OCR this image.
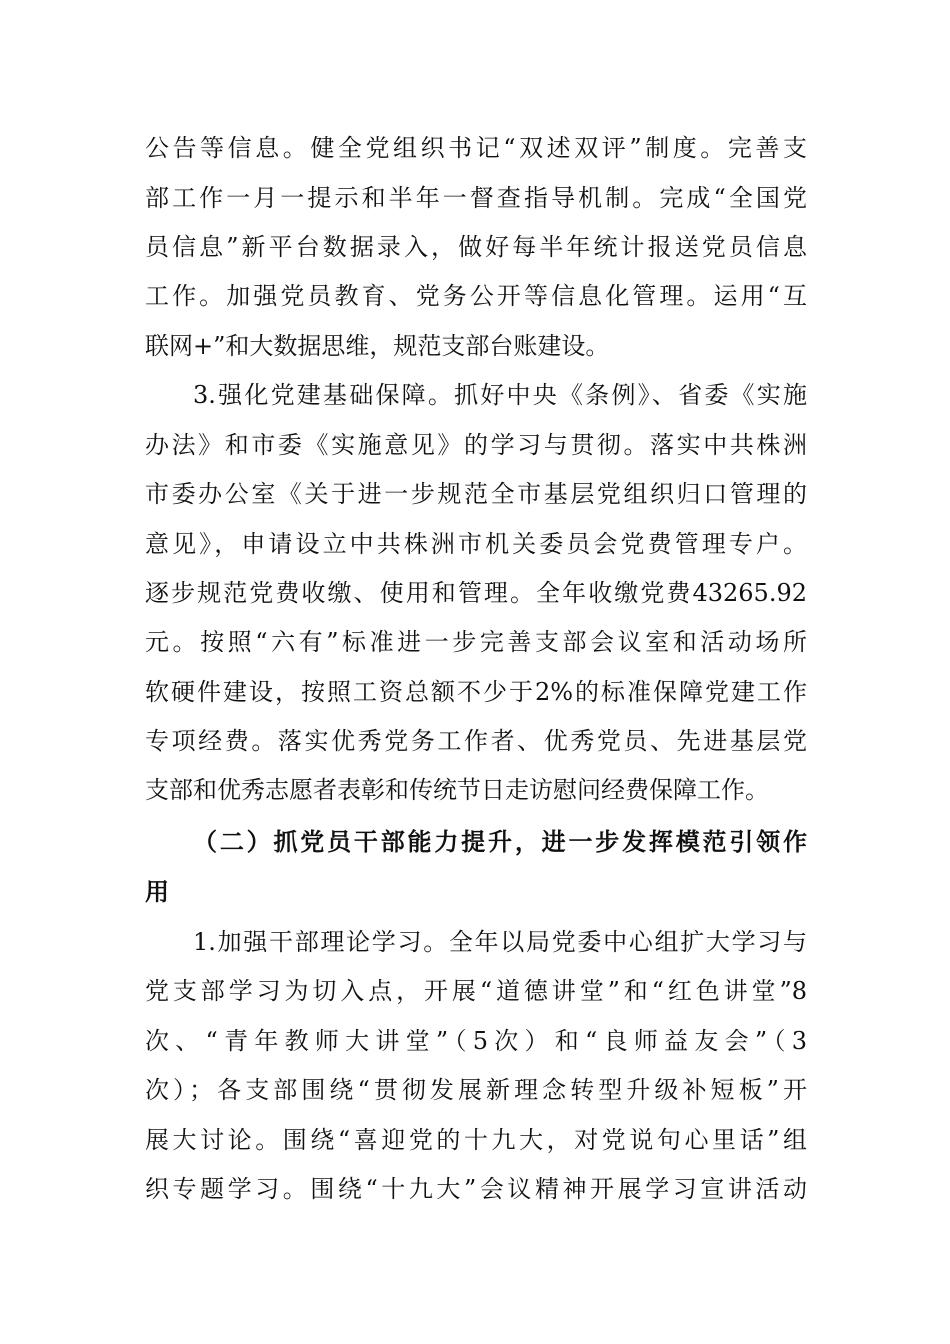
公告等信息。健全党组织书记“双述双评”制度。完善支
部工作一月一提示和半年一督查指导机制。完成“全国党
员信息”新平台数据录入，做好每半年统计报送党员信息
工作。加强党员教育、党务公开等信息化管理。运用“互
联网+”和大数据思维，规范支部台账建设。
3.强化党建基础保障。抓好中央《条例》、省委《实施
办法》和市委《实施意见》的学习与贯彻。落实中共株洲
市委办公室《关于进一步规范全市基层党组织归口管理的
意见》，申请设立中共株洲市机关委员会党费管理专户。
逐步规范党费收缴、使用和管理。全年收缴党费43265.92
元。按照“六有”标准进一步完善支部会议室和活动场所
软硬件建设，按照工资总额不少于2%的标准保障党建工作
专项经费。落实优秀党务工作者、优秀党员、先进基层党
支部和优秀志愿者表彰和传统节日走访慰问经费保障工作。
（二）抓党员干部能力提升，进一步发挥模范引领作
用
1.加强干部理论学习。全年以局党委中心组扩大学习与
党支部学习为切入点，开展“道德讲堂”和“红色讲堂”8
次、“青年教师大讲堂”（5次）和“良师益友会”（3
次）；各支部围绕“贯彻发展新理念转型升级补短板”开
展大讨论。围绕“喜迎党的十九大，对党说句心里话”组
织专题学习。围绕“十九大”会议精神开展学习宣讲活动
